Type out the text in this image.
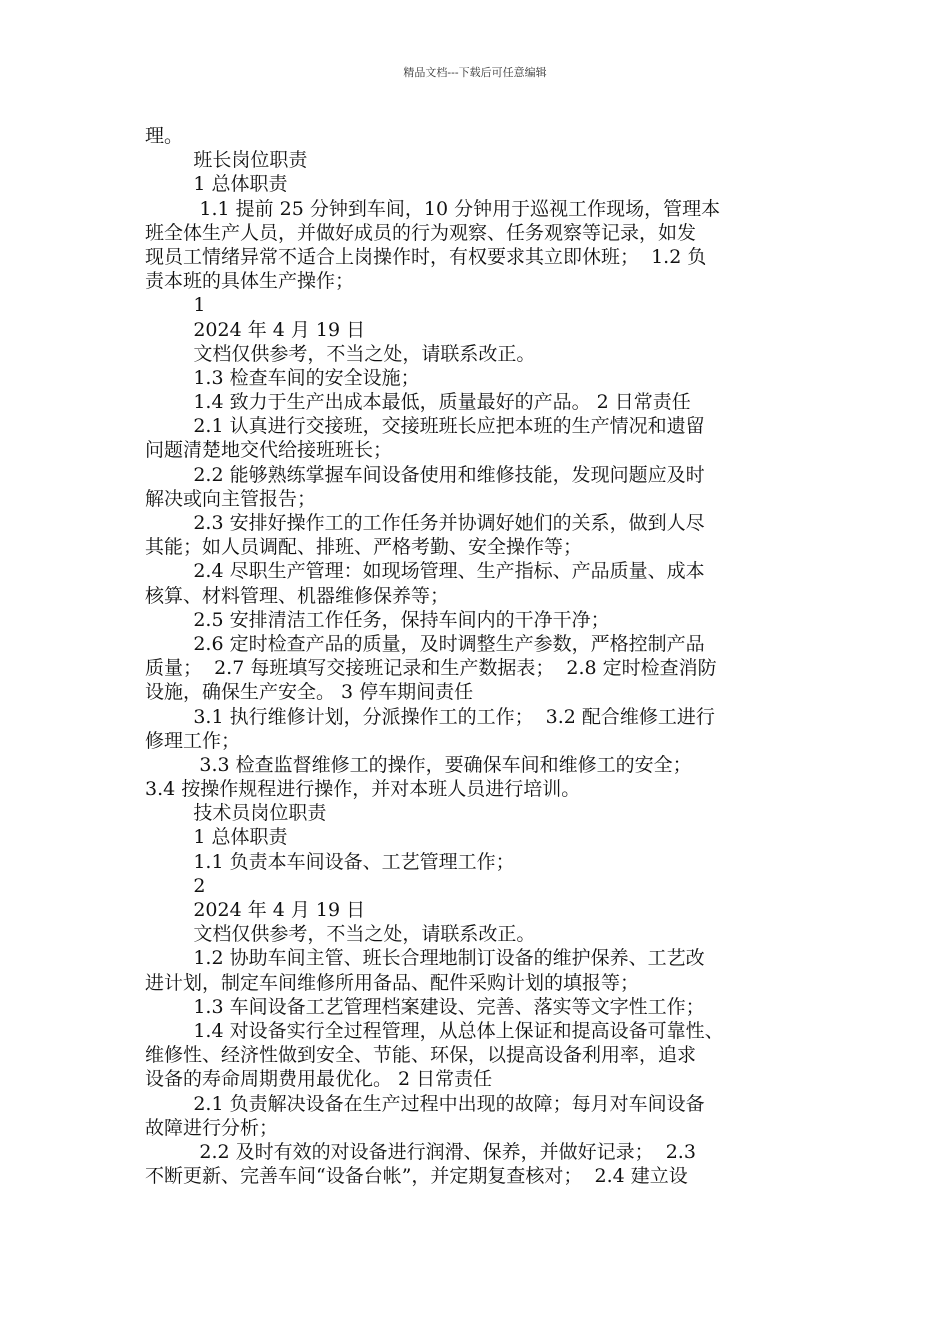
精品文档---下载后可任意编辑
理。
班长岗位职责
1 总体职责
1.1 提前 25 分钟到车间，10 分钟用于巡视工作现场，管理本
班全体生产人员，并做好成员的行为观察、任务观察等记录，如发
现员工情绪异常不适合上岗操作时，有权要求其立即休班；  1.2 负
责本班的具体生产操作；
1
2024 年 4 月 19 日
文档仅供参考，不当之处，请联系改正。
1.3 检查车间的安全设施；
1.4 致力于生产出成本最低，质量最好的产品。 2 日常责任
2.1 认真进行交接班，交接班班长应把本班的生产情况和遗留
问题清楚地交代给接班班长；
2.2 能够熟练掌握车间设备使用和维修技能，发现问题应及时
解决或向主管报告；
2.3 安排好操作工的工作任务并协调好她们的关系，做到人尽
其能；如人员调配、排班、严格考勤、安全操作等；
2.4 尽职生产管理：如现场管理、生产指标、产品质量、成本
核算、材料管理、机器维修保养等；
2.5 安排清洁工作任务，保持车间内的干净干净；
2.6 定时检查产品的质量，及时调整生产参数，严格控制产品
质量；  2.7 每班填写交接班记录和生产数据表；  2.8 定时检查消防
设施，确保生产安全。 3 停车期间责任
3.1 执行维修计划，分派操作工的工作；  3.2 配合维修工进行
修理工作；
3.3 检查监督维修工的操作，要确保车间和维修工的安全；
3.4 按操作规程进行操作，并对本班人员进行培训。
技术员岗位职责
1 总体职责
1.1 负责本车间设备、工艺管理工作；
2
2024 年 4 月 19 日
文档仅供参考，不当之处，请联系改正。
1.2 协助车间主管、班长合理地制订设备的维护保养、工艺改
进计划，制定车间维修所用备品、配件采购计划的填报等；
1.3 车间设备工艺管理档案建设、完善、落实等文字性工作；
1.4 对设备实行全过程管理，从总体上保证和提高设备可靠性、
维修性、经济性做到安全、节能、环保，以提高设备利用率，追求
设备的寿命周期费用最优化。 2 日常责任
2.1 负责解决设备在生产过程中出现的故障；每月对车间设备
故障进行分析；
2.2 及时有效的对设备进行润滑、保养，并做好记录；  2.3
不断更新、完善车间“设备台帐”，并定期复查核对；  2.4 建立设
